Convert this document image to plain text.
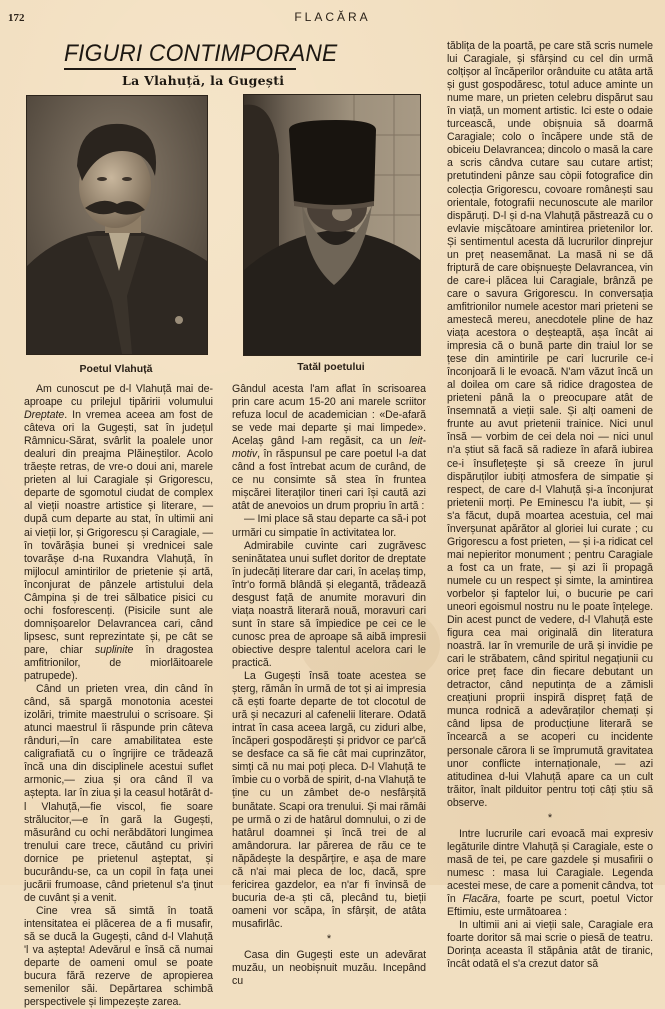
172	FLACĂRA
FIGURI CONTIMPORANE
La Vlahuță, la Gugești
Poetul Vlahuță	Tatăl poetului

Am cunoscut pe d-l Vlahuță mai de-aproape cu prilejul tipăririi volumului Dreptate. In vremea aceea am fost de câteva ori la Gugești, sat în județul Râmnicu-Sărat, svârlit la poalele unor dealuri din preajma Plăineștilor. Acolo trăește retras, de vre-o doui ani, marele prieten al lui Caragiale și Grigorescu, departe de sgomotul ciudat de complex al vieții noastre artistice și literare, — după cum departe au stat, în ultimii ani ai vieții lor, și Grigorescu și Caragiale, — în tovărășia bunei și vrednicei sale tovarășe d-na Ruxandra Vlahuță, în mijlocul amintirilor de prietenie și artă, înconjurat de pânzele artistului dela Câmpina și de trei sălbatice pisici cu ochi fosforescenți. (Pisicile sunt ale domnișoarelor Delavrancea cari, când lipsesc, sunt reprezintate și, pe cât se pare, chiar suplinite în dragostea amfitrionilor, de miorlăitoarele patrupede).

Când un prieten vrea, din când în când, să spargă monotonia acestei izolări, trimite maestrului o scrisoare. Și atunci maestrul îi răspunde prin câteva rânduri,—în care amabilitatea este caligrafiată cu o îngrijire ce trădează încă una din disciplinele acestui suflet armonic,— ziua și ora când îl va aștepta. Iar în ziua și la ceasul hotărât d-l Vlahuță,—fie viscol, fie soare strălucitor,—e în gară la Gugești, măsurând cu ochi nerăbdători lungimea trenului care trece, căutând cu priviri dornice pe prietenul așteptat, și bucurându-se, ca un copil în fața unei jucării frumoase, când prietenul s'a ținut de cuvânt și a venit.

Cine vrea să simtă în toată intensitatea ei plăcerea de a fi musafir, să se ducă la Gugești, când d-l Vlahuță 'l va aștepta! Adevărul e însă că numai departe de oameni omul se poate bucura fără rezerve de apropierea semenilor săi. Depărtarea schimbă perspectivele și limpezește zarea.

Gândul acesta l'am aflat în scrisoarea prin care acum 15-20 ani marele scriitor refuza locul de academician : «De-afară se vede mai departe și mai limpede». Acelaș gând l-am regăsit, ca un leit-motiv, în răspunsul pe care poetul l-a dat când a fost întrebat acum de curând, de ce nu consimte să stea în fruntea mișcărei literaților tineri cari își caută azi atât de anevoios un drum propriu în artă :

— Imi place să stau departe ca să-i pot urmări cu simpatie în activitatea lor.

Admirabile cuvinte cari zugrăvesc seninătatea unui suflet doritor de dreptate în judecăți literare dar cari, în acelaș timp, într'o formă blândă și elegantă, trădează desgust față de anumite moravuri din viața noastră literară nouă, moravuri cari sunt în stare să împiedice pe cei ce le cunosc prea de aproape să aibă impresii obiective despre talentul acelora cari le practică.

La Gugești însă toate acestea se șterg, rămân în urmă de tot și ai impresia că ești foarte departe de tot clocotul de ură și necazuri al cafenelii literare. Odată intrat în casa aceea largă, cu ziduri albe, încăperi gospodărești și pridvor ce par'că se desface ca să fie cât mai cuprinzător, simți că nu mai poți pleca. D-l Vlahuță te îmbie cu o vorbă de spirit, d-na Vlahuță te ține cu un zâmbet de-o nesfârșită bunătate. Scapi ora trenului. Și mai rămâi pe urmă o zi de hatârul domnului, o zi de hatârul doamnei și încă trei de al amândorura. Iar părerea de rău ce te năpădește la despărțire, e așa de mare că n'ai mai pleca de loc, dacă, spre fericirea gazdelor, ea n'ar fi învinsă de bucuria de-a ști că, plecând tu, bieții oameni vor scăpa, în sfârșit, de atâta musafirlâc.

*

Casa din Gugești este un adevărat muzău, un neobișnuit muzău. Incepând cu

tăblița de la poartă, pe care stă scris numele lui Caragiale, și sfârșind cu cel din urmă colțișor al încăperilor orânduite cu atâta artă și gust gospodăresc, totul aduce aminte un nume mare, un prieten celebru dispărut sau în viață, un moment artistic. Ici este o odaie turcească, unde obișnuia să doarmă Caragiale; colo o încăpere unde stă de obiceiu Delavrancea; dincolo o masă la care a scris cândva cutare sau cutare artist; pretutindeni pânze sau còpii fotografice din colecția Grigorescu, covoare românești sau orientale, fotografii necunoscute ale marilor dispăruți. D-l și d-na Vlahuță păstrează cu o evlavie mișcătoare amintirea prietenilor lor. Și sentimentul acesta dă lucrurilor dinprejur un preț neasemănat. La masă ni se dă friptură de care obișnuește Delavrancea, vin de care-i plăcea lui Caragiale, brânză pe care o savura Grigorescu. In conversația amfitrionilor numele acestor mari prieteni se amestecă mereu, anecdotele pline de haz viața acestora o deșteaptă, așa încât ai impresia că o bună parte din traiul lor se țese din amintirile pe cari lucrurile ce-i înconjoară li le evoacă. N'am văzut încă un al doilea om care să ridice dragostea de prieteni până la o preocupare atât de însemnată a vieții sale. Și alți oameni de frunte au avut prietenii trainice. Nici unul însă — vorbim de cei dela noi — nici unul n'a știut să facă să radieze în afară iubirea ce-i însuflețește și să creeze în jurul dispăruților iubiți atmosfera de simpatie și respect, de care d-l Vlahuță și-a înconjurat prietenii morți. Pe Eminescu l'a iubit, — și s'a făcut, după moartea acestuia, cel mai înverșunat apărător al gloriei lui curate ; cu Grigorescu a fost prieten, — și i-a ridicat cel mai nepieritor monument ; pentru Caragiale a fost ca un frate, — și azi îi propagă numele cu un respect și simte, la amintirea vorbelor și faptelor lui, o bucurie pe cari uneori egoismul nostru nu le poate înțelege. Din acest punct de vedere, d-l Vlahuță este figura cea mai originală din literatura noastră. Iar în vremurile de ură și invidie pe cari le străbatem, când spiritul negațiunii cu orice preț face din fiecare debutant un detractor, când neputința de a zămisli creațiuni proprii inspiră dispreț față de munca rodnică a adevăraților chemați și când lipsa de producțiune literară se încearcă a se acoperi cu incidente personale cărora li se împrumută gravitatea unor conflicte internaționale, — azi atitudinea d-lui Vlahuță apare ca un cult trăitor, înalt pilduitor pentru toți câți știu să observe.

*

Intre lucrurile cari evoacă mai expresiv legăturile dintre Vlahuță și Caragiale, este o masă de tei, pe care gazdele și musafirii o numesc : masa lui Caragiale. Legenda acestei mese, de care a pomenit cândva, tot în Flacăra, foarte pe scurt, poetul Victor Eftimiu, este următoarea :

In ultimii ani ai vieții sale, Caragiale era foarte doritor să mai scrie o piesă de teatru. Dorința aceasta îl stăpânia atât de tiranic, încât odată el s'a crezut dator să
